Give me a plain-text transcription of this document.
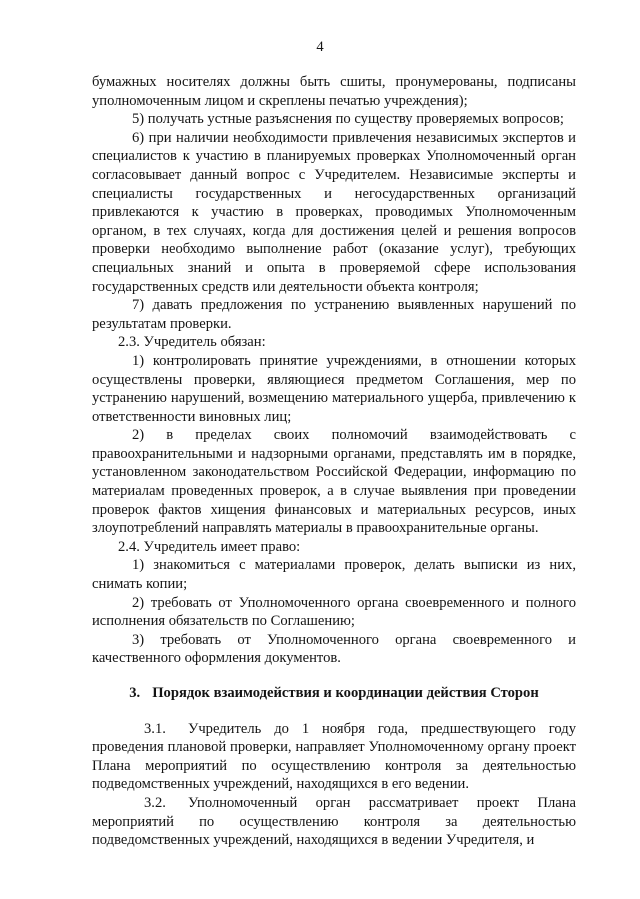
4

бумажных носителях должны быть сшиты, пронумерованы, подписаны уполномоченным лицом и скреплены печатью учреждения);

5) получать устные разъяснения по существу проверяемых вопросов;

6) при наличии необходимости привлечения независимых экспертов и специалистов к участию в планируемых проверках Уполномоченный орган согласовывает данный вопрос с Учредителем. Независимые эксперты и специалисты государственных и негосударственных организаций привлекаются к участию в проверках, проводимых Уполномоченным органом, в тех случаях, когда для достижения целей и решения вопросов проверки необходимо выполнение работ (оказание услуг), требующих специальных знаний и опыта в проверяемой сфере использования государственных средств или деятельности объекта контроля;

7) давать предложения по устранению выявленных нарушений по результатам проверки.

2.3. Учредитель обязан:

1) контролировать принятие учреждениями, в отношении которых осуществлены проверки, являющиеся предметом Соглашения, мер по устранению нарушений, возмещению материального ущерба, привлечению к ответственности виновных лиц;

2) в пределах своих полномочий взаимодействовать с правоохранительными и надзорными органами, представлять им в порядке, установленном законодательством Российской Федерации, информацию по материалам проведенных проверок, а в случае выявления при проведении проверок фактов хищения финансовых и материальных ресурсов, иных злоупотреблений направлять материалы в правоохранительные органы.

2.4. Учредитель имеет право:

1) знакомиться с материалами проверок, делать выписки из них, снимать копии;

2) требовать от Уполномоченного органа своевременного и полного исполнения обязательств по Соглашению;

3) требовать от Уполномоченного органа своевременного и качественного оформления документов.

3. Порядок взаимодействия и координации действия Сторон

3.1. Учредитель до 1 ноября года, предшествующего году проведения плановой проверки, направляет Уполномоченному органу проект Плана мероприятий по осуществлению контроля за деятельностью подведомственных учреждений, находящихся в его ведении.

3.2. Уполномоченный орган рассматривает проект Плана мероприятий по осуществлению контроля за деятельностью подведомственных учреждений, находящихся в ведении Учредителя, и
